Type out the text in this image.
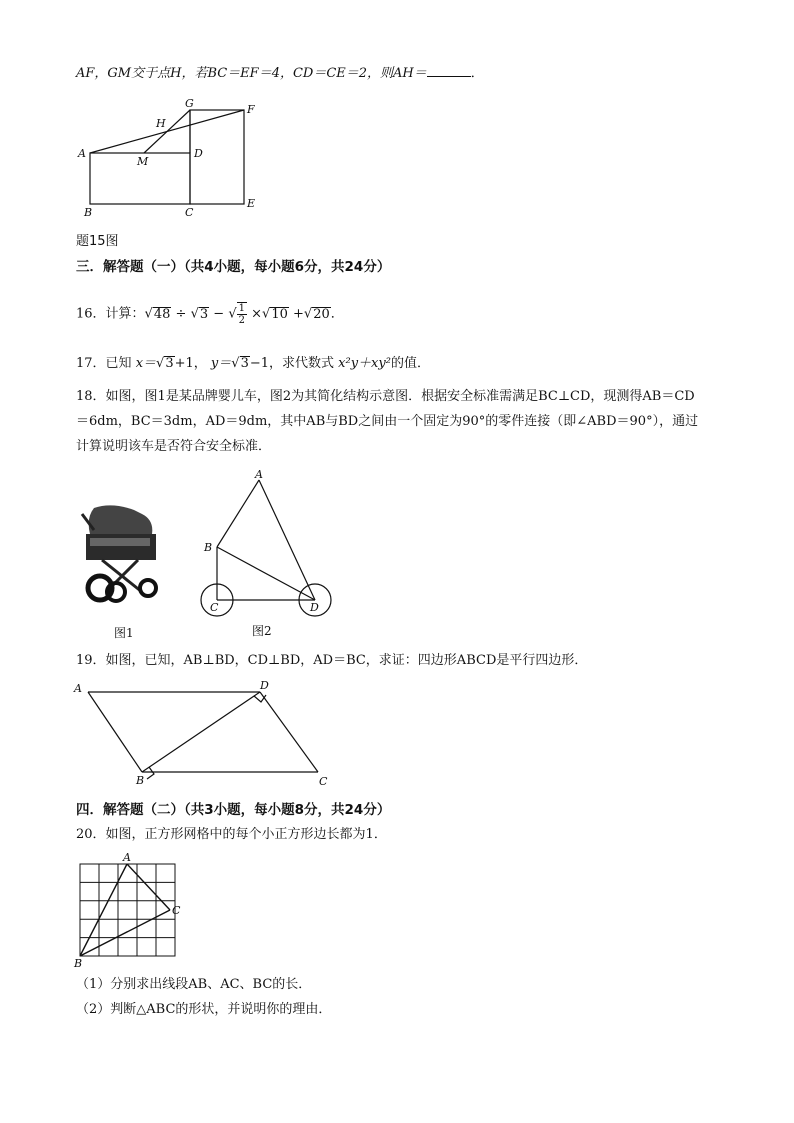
AF，GM交于点H，若BC＝EF＝4，CD＝CE＝2，则AH＝	．
G	F
H
A
M
D
B	C
E
题15图
三．解答题（一）（共4小题，每小题6分，共24分）
16．计算：√48 ÷ √3 − √ $\frac{1}{2} \times√10 +√20$．
17．已知 x＝√3+1， y＝√3−1，求代数式 x²y＋xy²的值．
18．如图，图1是某品牌婴儿车，图2为其简化结构示意图．根据安全标准需满足BC⊥CD，现测得AB＝CD
＝6dm，BC＝3dm，AD＝9dm，其中AB与BD之间由一个固定为90°的零件连接（即∠ABD＝90°），通过
计算说明该车是否符合安全标准．
图1
A
B
C	D
图2
19．如图，已知，AB⊥BD，CD⊥BD，AD＝BC，求证：四边形ABCD是平行四边形．
A	D
B	C
四．解答题（二）（共3小题，每小题8分，共24分）
20．如图，正方形网格中的每个小正方形边长都为1．
A
B
C
（1）分别求出线段AB、AC、BC的长．
（2）判断△ABC的形状，并说明你的理由．
